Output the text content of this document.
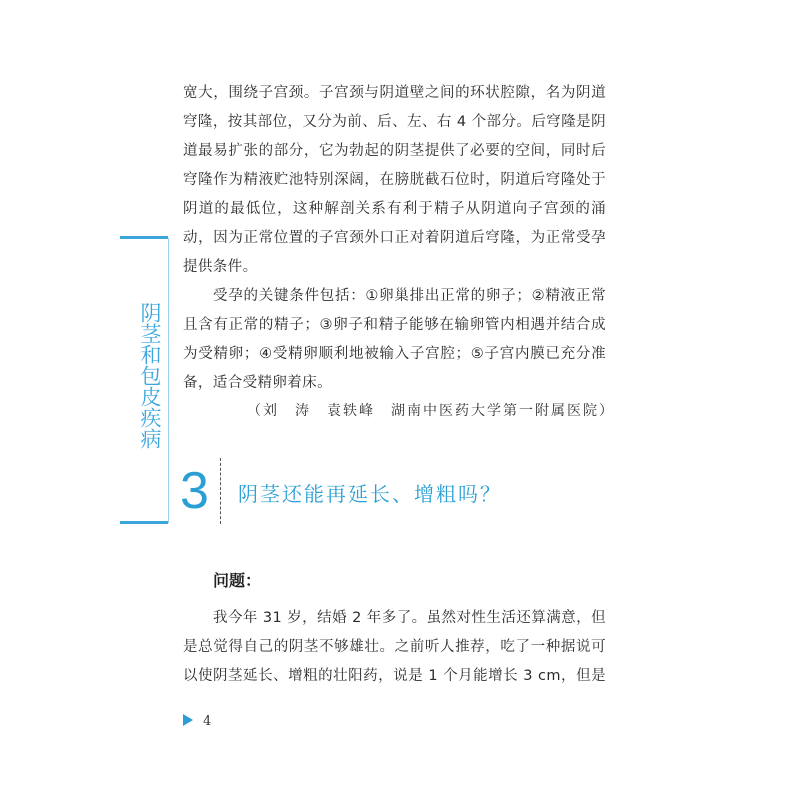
阴茎和包皮疾病
宽大，围绕子宫颈。子宫颈与阴道壁之间的环状腔隙，名为阴道
穹隆，按其部位，又分为前、后、左、右 4 个部分。后穹隆是阴
道最易扩张的部分，它为勃起的阴茎提供了必要的空间，同时后
穹隆作为精液贮池特别深阔，在膀胱截石位时，阴道后穹隆处于
阴道的最低位，这种解剖关系有利于精子从阴道向子宫颈的涌
动，因为正常位置的子宫颈外口正对着阴道后穹隆，为正常受孕
提供条件。
受孕的关键条件包括：①卵巢排出正常的卵子；②精液正常
且含有正常的精子；③卵子和精子能够在输卵管内相遇并结合成
为受精卵；④受精卵顺利地被输入子宫腔；⑤子宫内膜已充分准
备，适合受精卵着床。
（刘　涛　袁轶峰　湖南中医药大学第一附属医院）
3 阴茎还能再延长、增粗吗？
问题：
我今年 31 岁，结婚 2 年多了。虽然对性生活还算满意，但
是总觉得自己的阴茎不够雄壮。之前听人推荐，吃了一种据说可
以使阴茎延长、增粗的壮阳药，说是 1 个月能增长 3 cm，但是
4
